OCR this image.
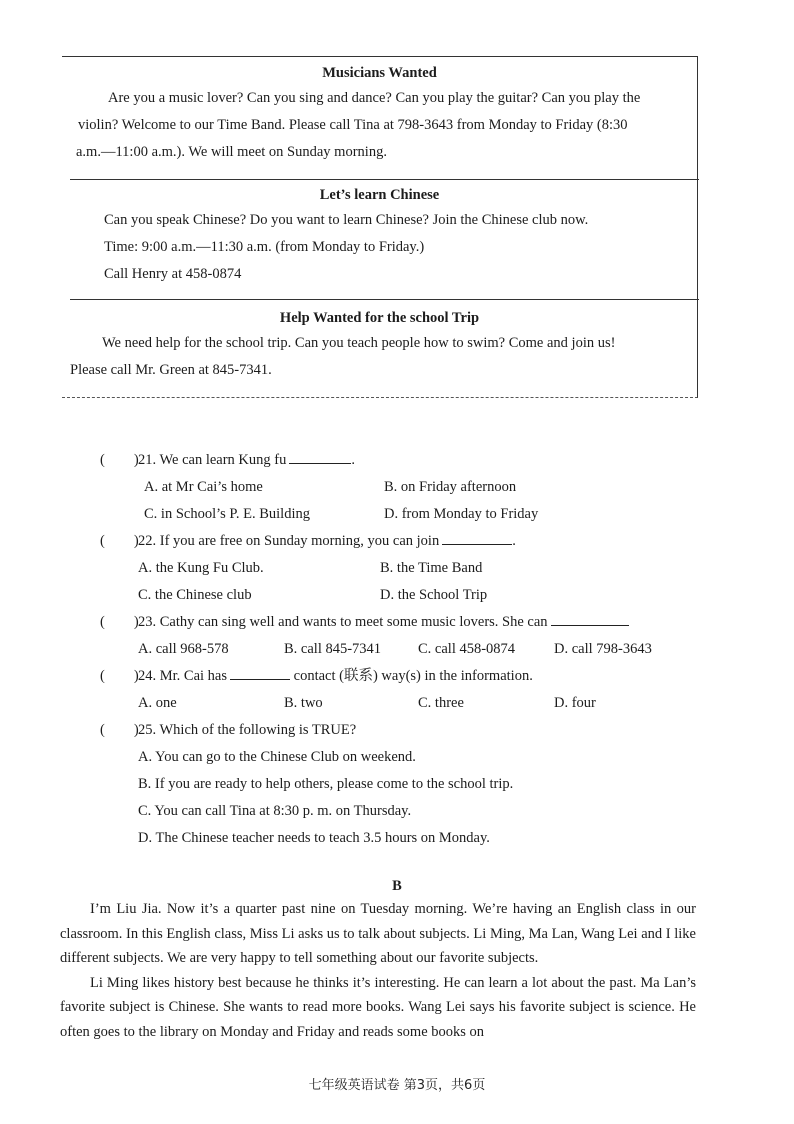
Musicians Wanted
Are you a music lover? Can you sing and dance? Can you play the guitar? Can you play the
violin? Welcome to our Time Band. Please call Tina at 798-3643 from Monday to Friday (8:30
a.m.—11:00 a.m.). We will meet on Sunday morning.
Let’s learn Chinese
Can you speak Chinese? Do you want to learn Chinese? Join the Chinese club now.
Time: 9:00 a.m.—11:30 a.m. (from Monday to Friday.)
Call Henry at 458-0874
Help Wanted for the school Trip
We need help for the school trip. Can you teach people how to swim? Come and join us!
Please call Mr. Green at 845-7341.
(　　)21. We can learn Kung fu	.
A. at Mr Cai’s home	B. on Friday afternoon
C. in School’s P. E. Building	D. from Monday to Friday
(　　)22. If you are free on Sunday morning, you can join	.
A. the Kung Fu Club.	B. the Time Band
C. the Chinese club	D. the School Trip
(　　)23. Cathy can sing well and wants to meet some music lovers. She can
A. call 968-578	B. call 845-7341	C. call 458-0874	D. call 798-3643
(　　)24. Mr. Cai has	contact (联系) way(s) in the information.
A. one	B. two	C. three	D. four
(　　)25. Which of the following is TRUE?
A. You can go to the Chinese Club on weekend.
B. If you are ready to help others, please come to the school trip.
C. You can call Tina at 8:30 p. m. on Thursday.
D. The Chinese teacher needs to teach 3.5 hours on Monday.
B

I’m Liu Jia. Now it’s a quarter past nine on Tuesday morning. We’re having an English class in our classroom. In this English class, Miss Li asks us to talk about subjects. Li Ming, Ma Lan, Wang Lei and I like different subjects. We are very happy to tell something about our favorite subjects.

Li Ming likes history best because he thinks it’s interesting. He can learn a lot about the past. Ma Lan’s favorite subject is Chinese. She wants to read more books. Wang Lei says his favorite subject is science. He often goes to the library on Monday and Friday and reads some books on

七年级英语试卷 第3页，共6页
